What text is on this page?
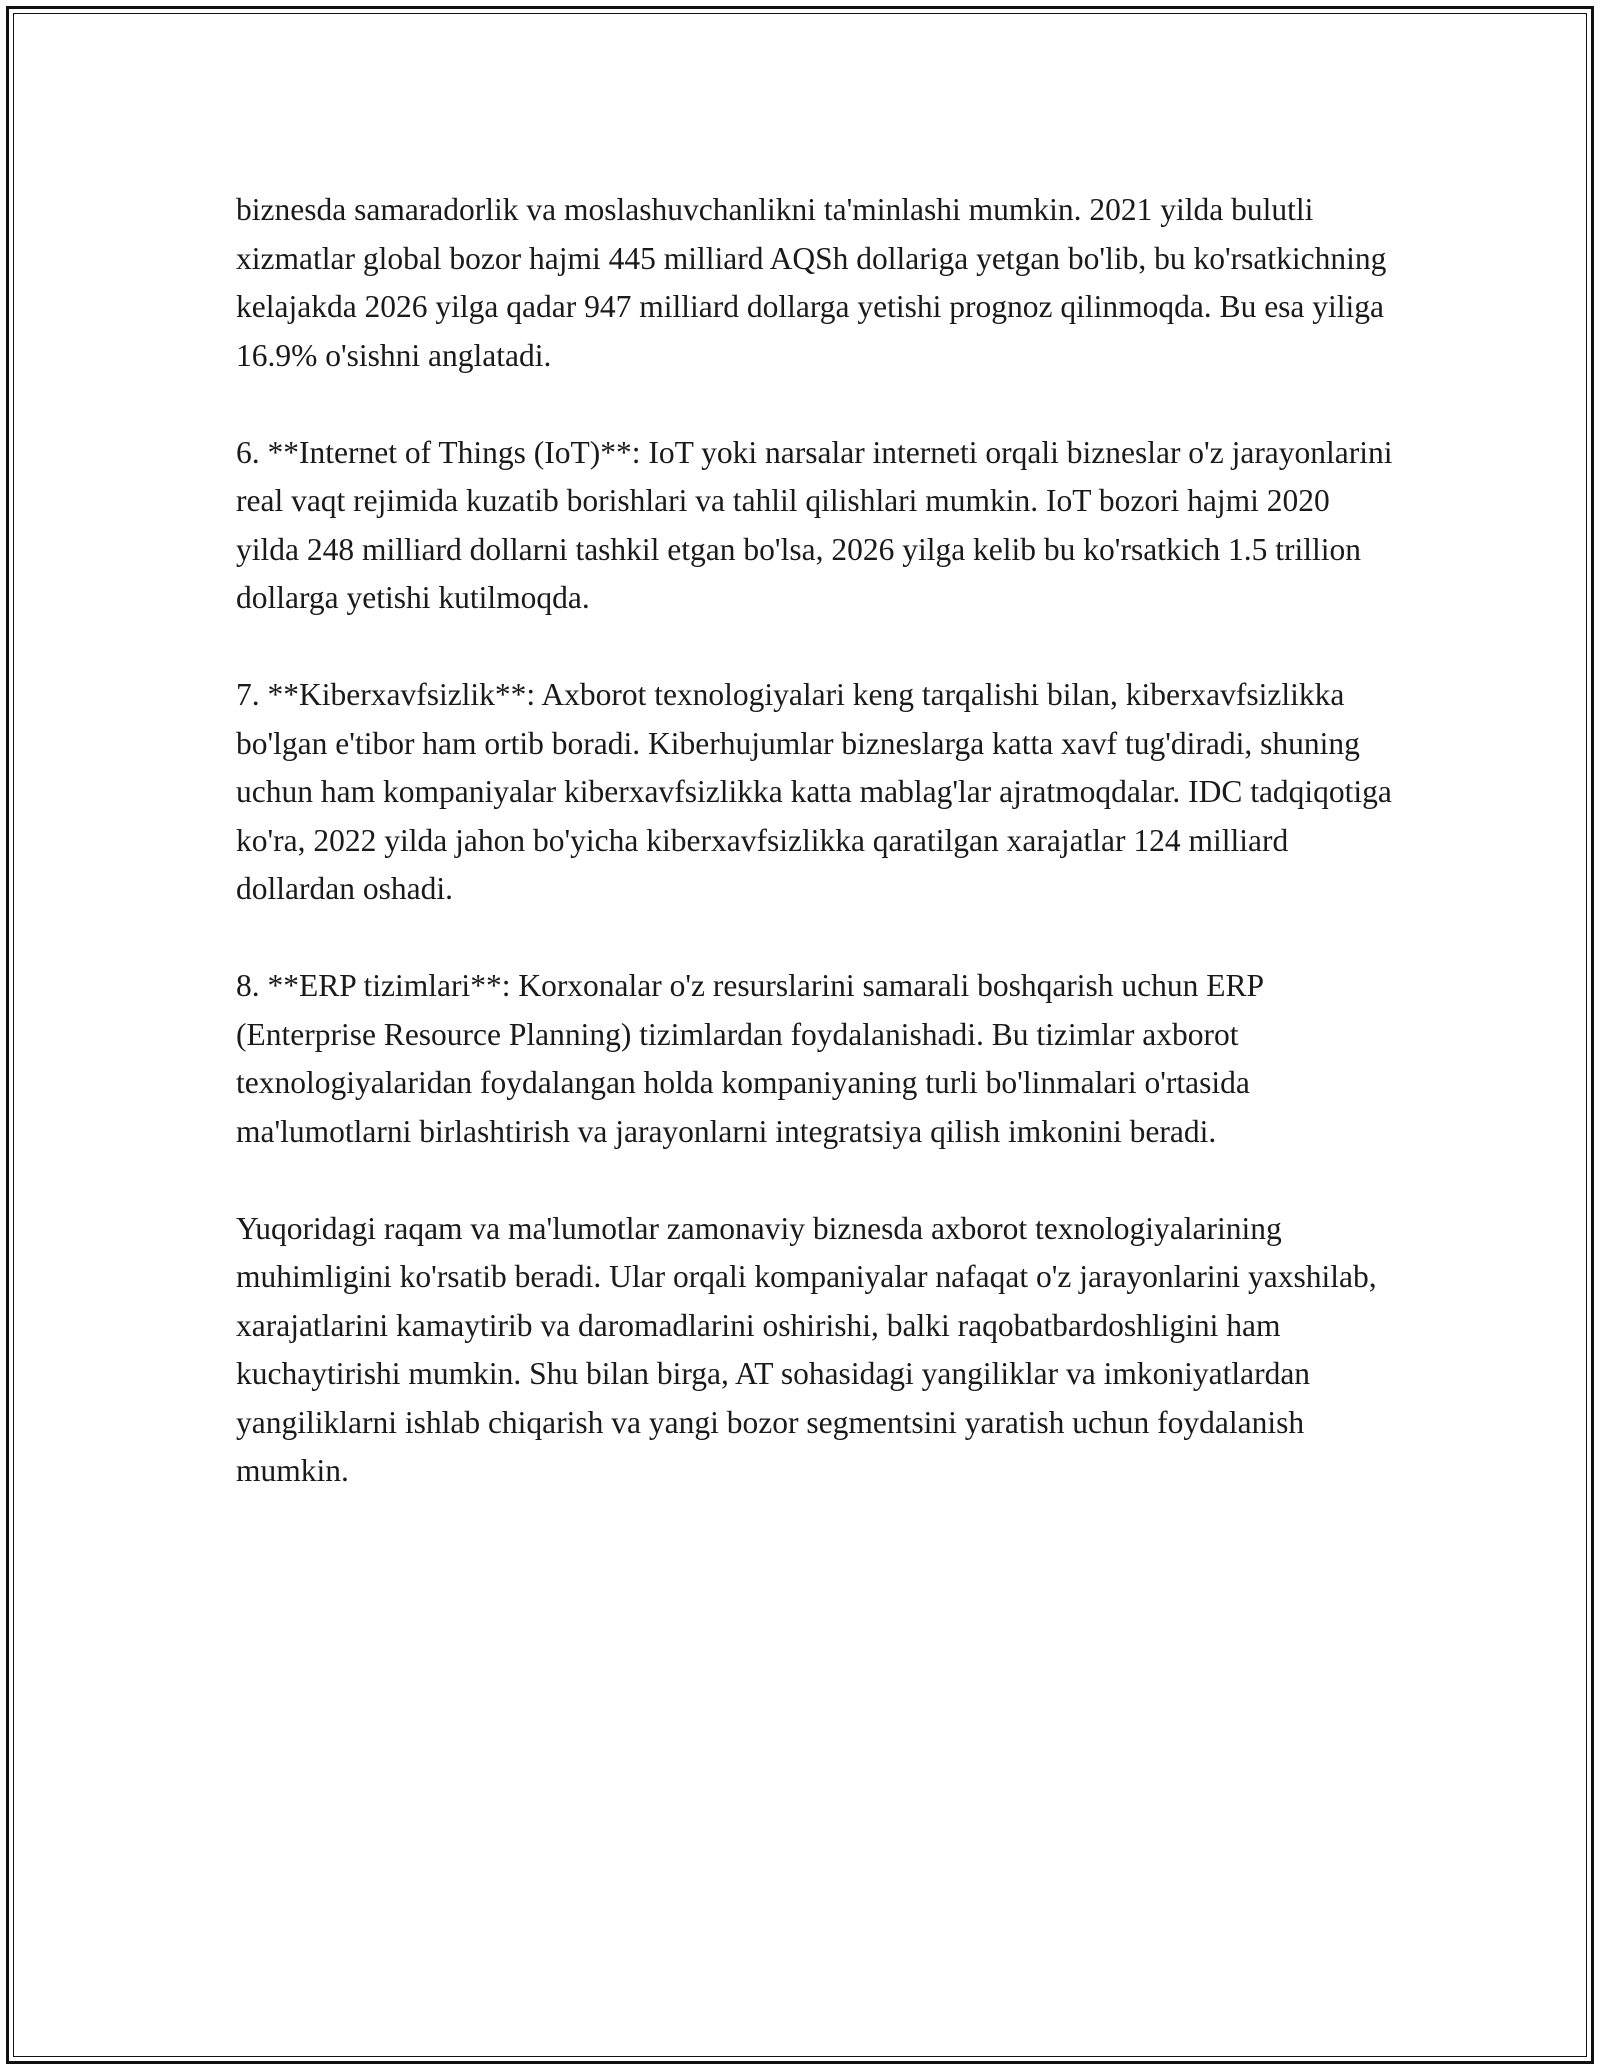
biznesda samaradorlik va moslashuvchanlikni ta'minlashi mumkin. 2021 yilda bulutli xizmatlar global bozor hajmi 445 milliard AQSh dollariga yetgan bo'lib, bu ko'rsatkichning kelajakda 2026 yilga qadar 947 milliard dollarga yetishi prognoz qilinmoqda. Bu esa yiliga 16.9% o'sishni anglatadi.

6. **Internet of Things (IoT)**: IoT yoki narsalar interneti orqali bizneslar o'z jarayonlarini real vaqt rejimida kuzatib borishlari va tahlil qilishlari mumkin. IoT bozori hajmi 2020 yilda 248 milliard dollarni tashkil etgan bo'lsa, 2026 yilga kelib bu ko'rsatkich 1.5 trillion dollarga yetishi kutilmoqda.

7. **Kiberxavfsizlik**: Axborot texnologiyalari keng tarqalishi bilan, kiberxavfsizlikka bo'lgan e'tibor ham ortib boradi. Kiberhujumlar bizneslarga katta xavf tug'diradi, shuning uchun ham kompaniyalar kiberxavfsizlikka katta mablag'lar ajratmoqdalar. IDC tadqiqotiga ko'ra, 2022 yilda jahon bo'yicha kiberxavfsizlikka qaratilgan xarajatlar 124 milliard dollardan oshadi.

8. **ERP tizimlari**: Korxonalar o'z resurslarini samarali boshqarish uchun ERP (Enterprise Resource Planning) tizimlardan foydalanishadi. Bu tizimlar axborot texnologiyalaridan foydalangan holda kompaniyaning turli bo'linmalari o'rtasida ma'lumotlarni birlashtirish va jarayonlarni integratsiya qilish imkonini beradi.

Yuqoridagi raqam va ma'lumotlar zamonaviy biznesda axborot texnologiyalarining muhimligini ko'rsatib beradi. Ular orqali kompaniyalar nafaqat o'z jarayonlarini yaxshilab, xarajatlarini kamaytirib va daromadlarini oshirishi, balki raqobatbardoshligini ham kuchaytirishi mumkin. Shu bilan birga, AT sohasidagi yangiliklar va imkoniyatlardan yangiliklarni ishlab chiqarish va yangi bozor segmentsini yaratish uchun foydalanish mumkin.
